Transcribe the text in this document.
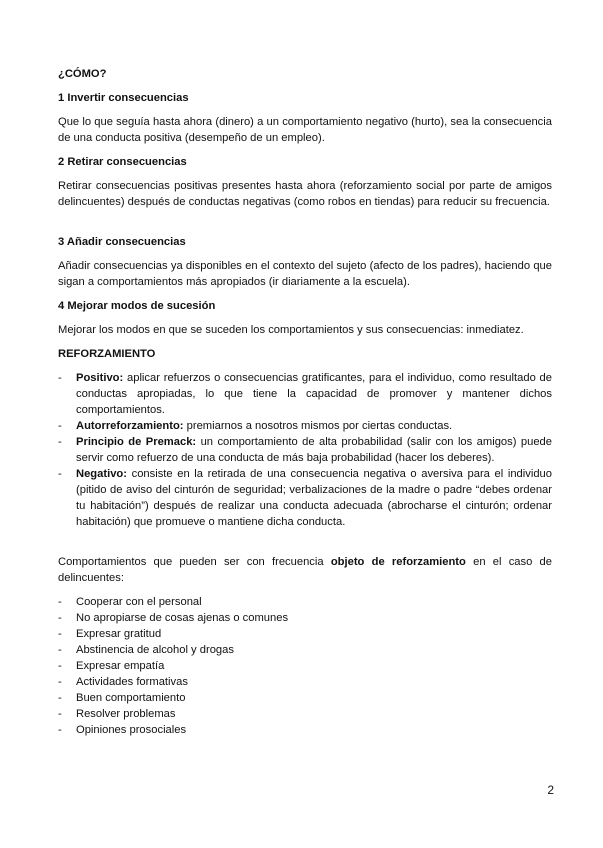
¿CÓMO?
1 Invertir consecuencias

Que lo que seguía hasta ahora (dinero) a un comportamiento negativo (hurto), sea la consecuencia de una conducta positiva (desempeño de un empleo).

2 Retirar consecuencias

Retirar consecuencias positivas presentes hasta ahora (reforzamiento social por parte de amigos delincuentes) después de conductas negativas (como robos en tiendas) para reducir su frecuencia.

3 Añadir consecuencias

Añadir consecuencias ya disponibles en el contexto del sujeto (afecto de los padres), haciendo que sigan a comportamientos más apropiados (ir diariamente a la escuela).

4 Mejorar modos de sucesión

Mejorar los modos en que se suceden los comportamientos y sus consecuencias: inmediatez.

REFORZAMIENTO
- Positivo: aplicar refuerzos o consecuencias gratificantes, para el individuo, como resultado de conductas apropiadas, lo que tiene la capacidad de promover y mantener dichos comportamientos.
- Autorreforzamiento: premiarnos a nosotros mismos por ciertas conductas.
- Principio de Premack: un comportamiento de alta probabilidad (salir con los amigos) puede servir como refuerzo de una conducta de más baja probabilidad (hacer los deberes).
- Negativo: consiste en la retirada de una consecuencia negativa o aversiva para el individuo (pitido de aviso del cinturón de seguridad; verbalizaciones de la madre o padre “debes ordenar tu habitación”) después de realizar una conducta adecuada (abrocharse el cinturón; ordenar habitación) que promueve o mantiene dicha conducta.

Comportamientos que pueden ser con frecuencia objeto de reforzamiento en el caso de delincuentes:

- Cooperar con el personal
- No apropiarse de cosas ajenas o comunes
- Expresar gratitud
- Abstinencia de alcohol y drogas
- Expresar empatía
- Actividades formativas
- Buen comportamiento
- Resolver problemas
- Opiniones prosociales
2
